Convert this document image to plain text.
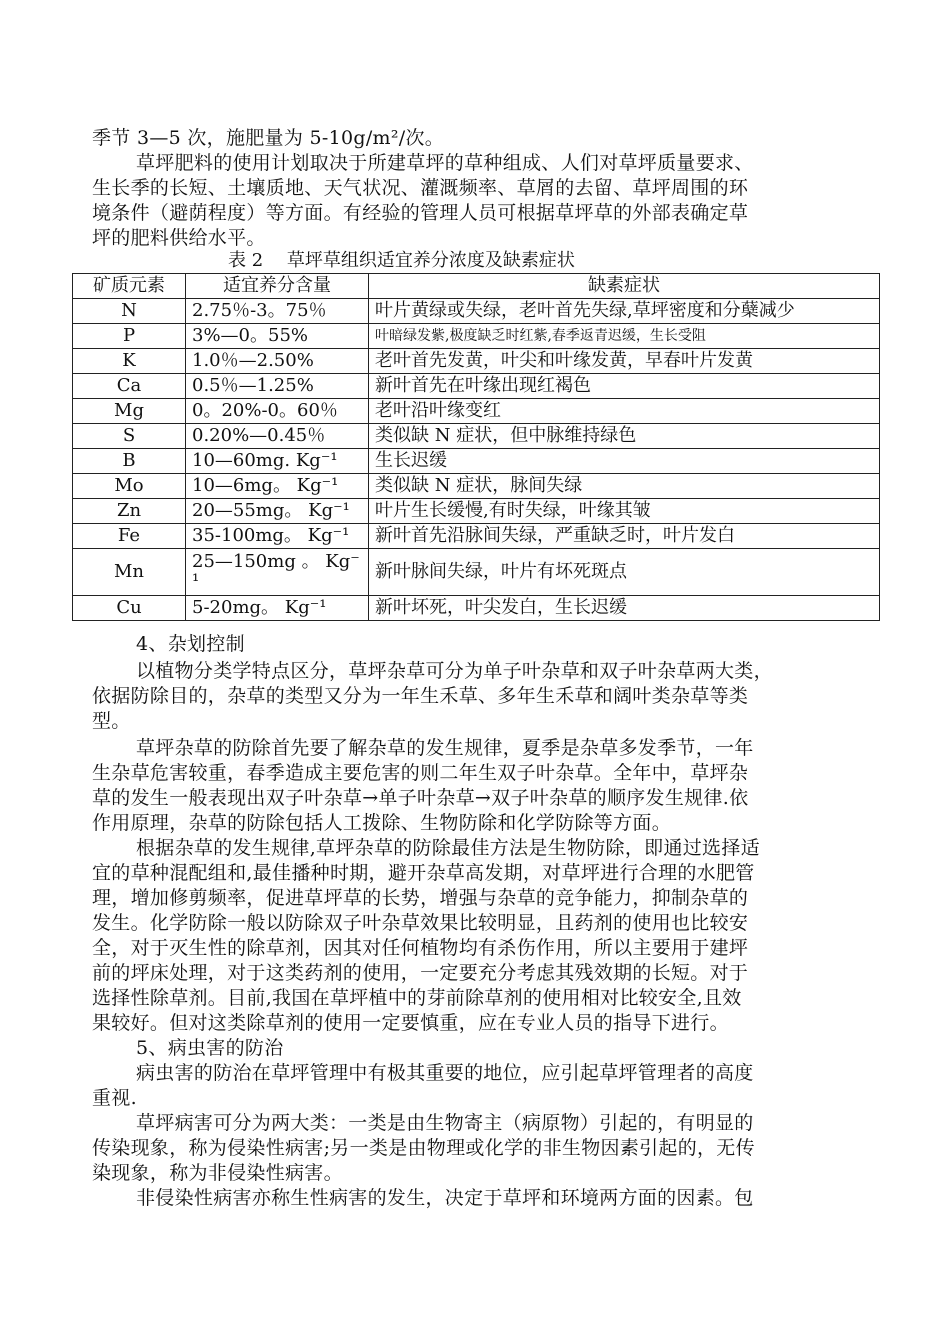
季节 3—5 次，施肥量为 5-10g/m²/次。
草坪肥料的使用计划取决于所建草坪的草种组成、人们对草坪质量要求、
生长季的长短、土壤质地、天气状况、灌溉频率、草屑的去留、草坪周围的环
境条件（避荫程度）等方面。有经验的管理人员可根据草坪草的外部表确定草
坪的肥料供给水平。
表 2　 草坪草组织适宜养分浓度及缺素症状
矿质元素	适宜养分含量	缺素症状
N	2.75％-3。75％	叶片黄绿或失绿，老叶首先失绿,草坪密度和分蘖减少
P	3%—0。55%	叶暗绿发紫,极度缺乏时红紫,春季返青迟缓，生长受阻
K	1.0％—2.50%	老叶首先发黄，叶尖和叶缘发黄，早春叶片发黄
Ca	0.5％—1.25%	新叶首先在叶缘出现红褐色
Mg	0。20%-0。60％	老叶沿叶缘变红
S	0.20%—0.45％	类似缺 N 症状，但中脉维持绿色
B	10—60mg. Kg⁻¹	生长迟缓
Mo	10—6mg。 Kg⁻¹	类似缺 N 症状，脉间失绿
Zn	20—55mg。 Kg⁻¹	叶片生长缓慢,有时失绿，叶缘其皱
Fe	35-100mg。 Kg⁻¹	新叶首先沿脉间失绿，严重缺乏时，叶片发白
Mn	25—150mg 。 Kg⁻¹	新叶脉间失绿，叶片有坏死斑点
Cu	5-20mg。 Kg⁻¹	新叶坏死，叶尖发白，生长迟缓
4、杂划控制
以植物分类学特点区分，草坪杂草可分为单子叶杂草和双子叶杂草两大类，
依据防除目的，杂草的类型又分为一年生禾草、多年生禾草和阔叶类杂草等类
型。
草坪杂草的防除首先要了解杂草的发生规律，夏季是杂草多发季节，一年
生杂草危害较重，春季造成主要危害的则二年生双子叶杂草。全年中，草坪杂
草的发生一般表现出双子叶杂草→单子叶杂草→双子叶杂草的顺序发生规律.依
作用原理，杂草的防除包括人工拨除、生物防除和化学防除等方面。
根据杂草的发生规律,草坪杂草的防除最佳方法是生物防除，即通过选择适
宜的草种混配组和,最佳播种时期，避开杂草高发期，对草坪进行合理的水肥管
理，增加修剪频率，促进草坪草的长势，增强与杂草的竞争能力，抑制杂草的
发生。化学防除一般以防除双子叶杂草效果比较明显，且药剂的使用也比较安
全，对于灭生性的除草剂，因其对任何植物均有杀伤作用，所以主要用于建坪
前的坪床处理，对于这类药剂的使用，一定要充分考虑其残效期的长短。对于
选择性除草剂。目前,我国在草坪植中的芽前除草剂的使用相对比较安全,且效
果较好。但对这类除草剂的使用一定要慎重，应在专业人员的指导下进行。
5、病虫害的防治
病虫害的防治在草坪管理中有极其重要的地位，应引起草坪管理者的高度
重视.
草坪病害可分为两大类：一类是由生物寄主（病原物）引起的，有明显的
传染现象，称为侵染性病害;另一类是由物理或化学的非生物因素引起的，无传
染现象，称为非侵染性病害。
非侵染性病害亦称生性病害的发生，决定于草坪和环境两方面的因素。包
